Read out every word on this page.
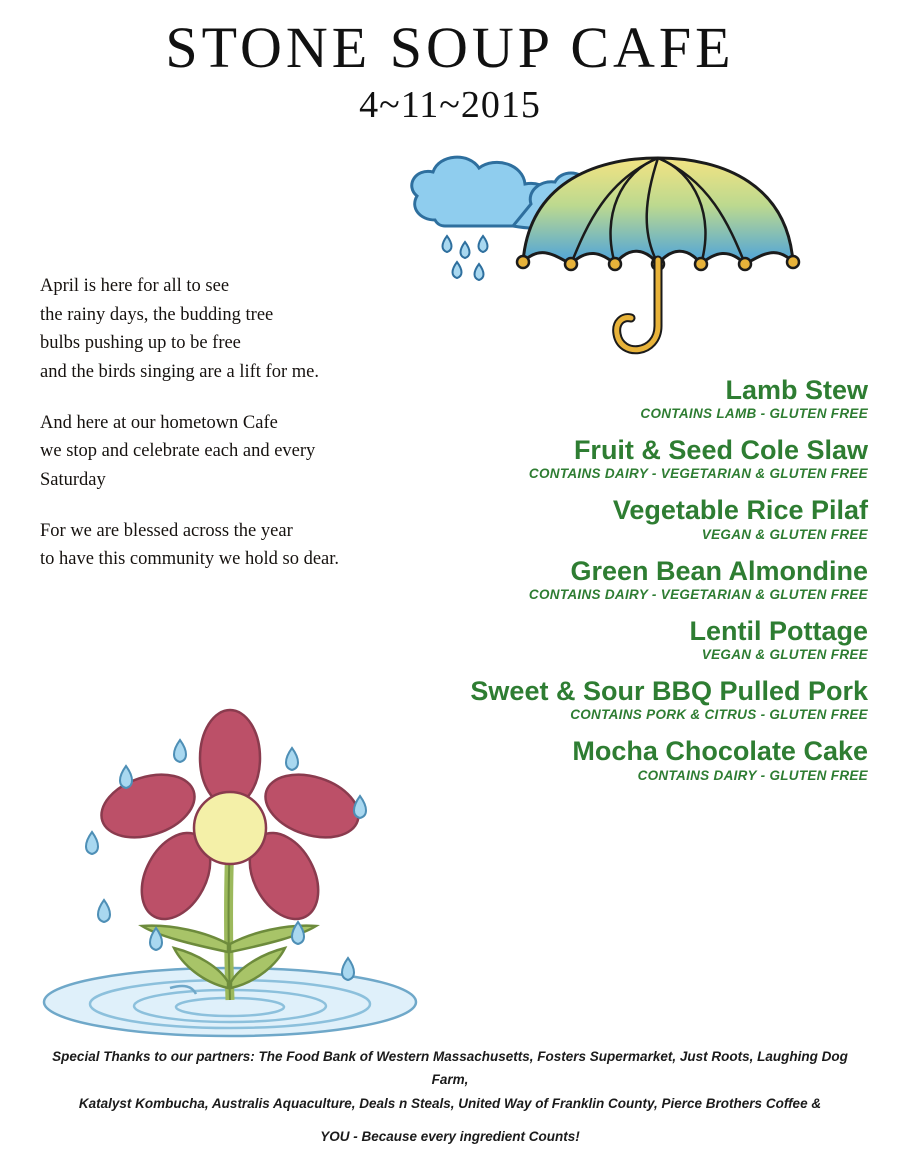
STONE SOUP CAFE
4~11~2015
April is here for all to see
the rainy days, the budding tree
bulbs pushing up to be free
and the birds singing are a lift for me.
And here at our hometown Cafe
we stop and celebrate each and every
Saturday
For we are blessed across the year
to have this community we hold so dear.
Lamb Stew
CONTAINS LAMB - GLUTEN FREE
Fruit & Seed Cole Slaw
CONTAINS DAIRY - VEGETARIAN & GLUTEN FREE
Vegetable Rice Pilaf
VEGAN & GLUTEN FREE
Green Bean Almondine
CONTAINS DAIRY - VEGETARIAN & GLUTEN FREE
Lentil Pottage
VEGAN & GLUTEN FREE
Sweet & Sour BBQ Pulled Pork
CONTAINS PORK & CITRUS - GLUTEN FREE
Mocha Chocolate Cake
CONTAINS DAIRY - GLUTEN FREE
Special Thanks to our partners: The Food Bank of Western Massachusetts, Fosters Supermarket, Just Roots, Laughing Dog Farm,
Katalyst Kombucha, Australis Aquaculture, Deals n Steals, United Way of Franklin County, Pierce Brothers Coffee &
YOU - Because every ingredient Counts!
